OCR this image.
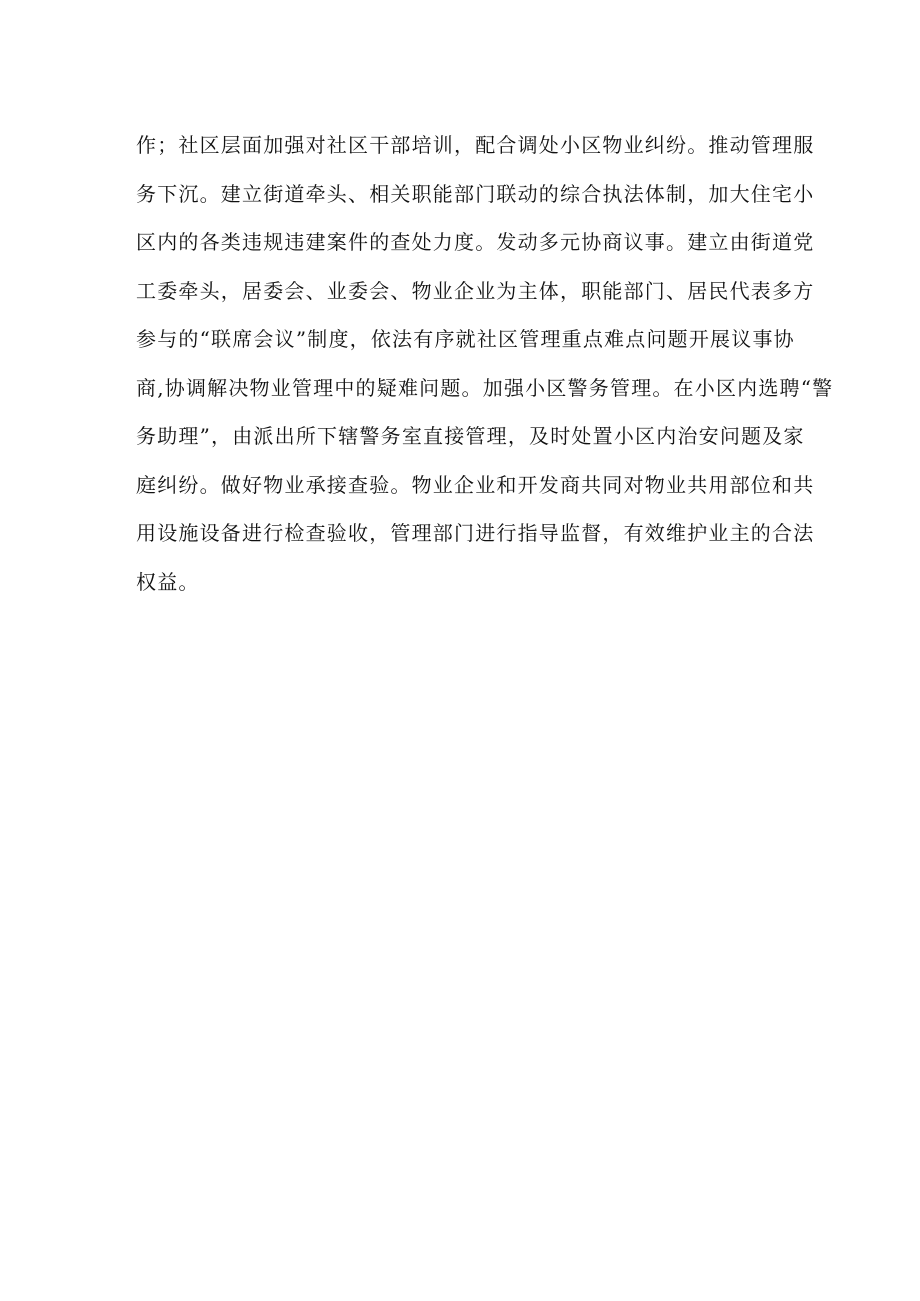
作；社区层面加强对社区干部培训，配合调处小区物业纠纷。推动管理服
务下沉。建立街道牵头、相关职能部门联动的综合执法体制，加大住宅小
区内的各类违规违建案件的查处力度。发动多元协商议事。建立由街道党
工委牵头，居委会、业委会、物业企业为主体，职能部门、居民代表多方
参与的“联席会议”制度，依法有序就社区管理重点难点问题开展议事协
商,协调解决物业管理中的疑难问题。加强小区警务管理。在小区内选聘“警
务助理”，由派出所下辖警务室直接管理，及时处置小区内治安问题及家
庭纠纷。做好物业承接查验。物业企业和开发商共同对物业共用部位和共
用设施设备进行检查验收，管理部门进行指导监督，有效维护业主的合法
权益。
